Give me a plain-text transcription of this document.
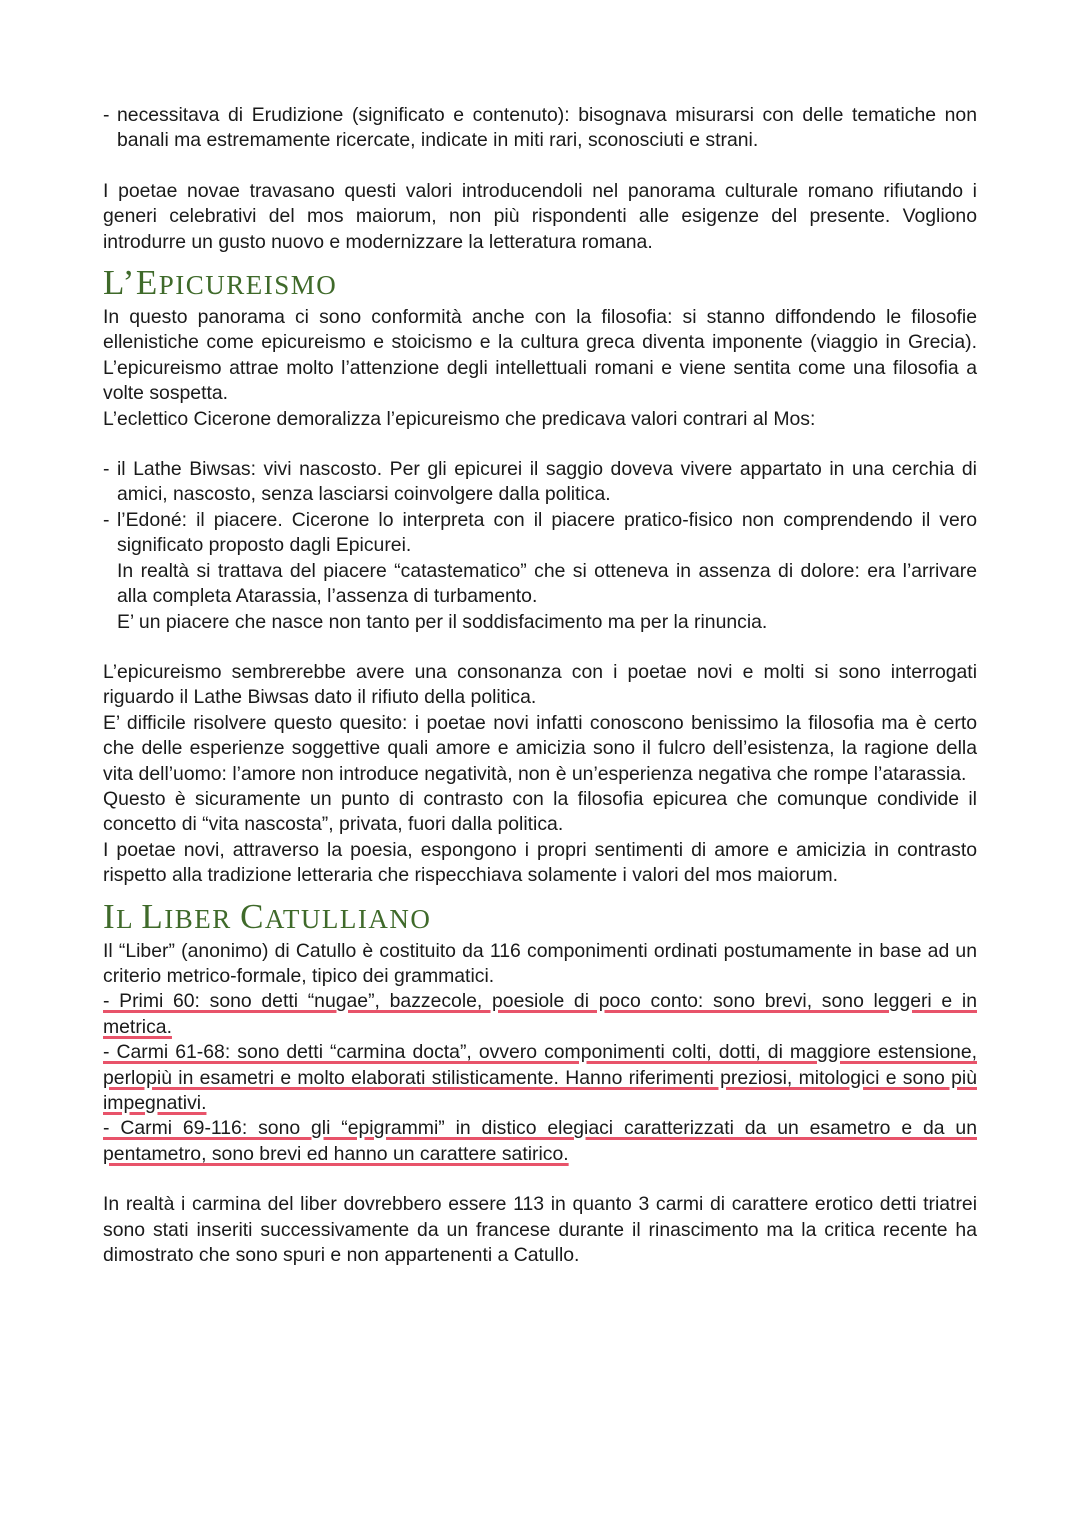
- necessitava di Erudizione (significato e contenuto): bisognava misurarsi con delle tematiche non banali ma estremamente ricercate, indicate in miti rari, sconosciuti e strani.

I poetae novae travasano questi valori introducendoli nel panorama culturale romano rifiutando i generi celebrativi del mos maiorum, non più rispondenti alle esigenze del presente. Vogliono introdurre un gusto nuovo e modernizzare la letteratura romana.

L’EPICUREISMO

In questo panorama ci sono conformità anche con la filosofia: si stanno diffondendo le filosofie ellenistiche come epicureismo e stoicismo e la cultura greca diventa imponente (viaggio in Grecia). L’epicureismo attrae molto l’attenzione degli intellettuali romani e viene sentita come una filosofia a volte sospetta.

L’eclettico Cicerone demoralizza l’epicureismo che predicava valori contrari al Mos:

- il Lathe Biwsas: vivi nascosto. Per gli epicurei il saggio doveva vivere appartato in una cerchia di amici, nascosto, senza lasciarsi coinvolgere dalla politica.
- l’Edoné: il piacere. Cicerone lo interpreta con il piacere pratico-fisico non comprendendo il vero significato proposto dagli Epicurei.
In realtà si trattava del piacere “catastematico” che si otteneva in assenza di dolore: era l’arrivare alla completa Atarassia, l’assenza di turbamento.
E’ un piacere che nasce non tanto per il soddisfacimento ma per la rinuncia.

L’epicureismo sembrerebbe avere una consonanza con i poetae novi e molti si sono interrogati riguardo il Lathe Biwsas dato il rifiuto della politica.

E’ difficile risolvere questo quesito: i poetae novi infatti conoscono benissimo la filosofia ma è certo che delle esperienze soggettive quali amore e amicizia sono il fulcro dell’esistenza, la ragione della vita dell’uomo: l’amore non introduce negatività, non è un’esperienza negativa che rompe l’atarassia.

Questo è sicuramente un punto di contrasto con la filosofia epicurea che comunque condivide il concetto di “vita nascosta”, privata, fuori dalla politica.

I poetae novi, attraverso la poesia, espongono i propri sentimenti di amore e amicizia in contrasto rispetto alla tradizione letteraria che rispecchiava solamente i valori del mos maiorum.

IL LIBER CATULLIANO

Il “Liber” (anonimo) di Catullo è costituito da 116 componimenti ordinati postumamente in base ad un criterio metrico-formale, tipico dei grammatici.

- Primi 60: sono detti “nugae”, bazzecole, poesiole di poco conto: sono brevi, sono leggeri e in metrica.

- Carmi 61-68: sono detti “carmina docta”, ovvero componimenti colti, dotti, di maggiore estensione, perlopiù in esametri e molto elaborati stilisticamente. Hanno riferimenti preziosi, mitologici e sono più impegnativi.

- Carmi 69-116: sono gli “epigrammi” in distico elegiaci caratterizzati da un esametro e da un pentametro, sono brevi ed hanno un carattere satirico.

In realtà i carmina del liber dovrebbero essere 113 in quanto 3 carmi di carattere erotico detti triatrei sono stati inseriti successivamente da un francese durante il rinascimento ma la critica recente ha dimostrato che sono spuri e non appartenenti a Catullo.
